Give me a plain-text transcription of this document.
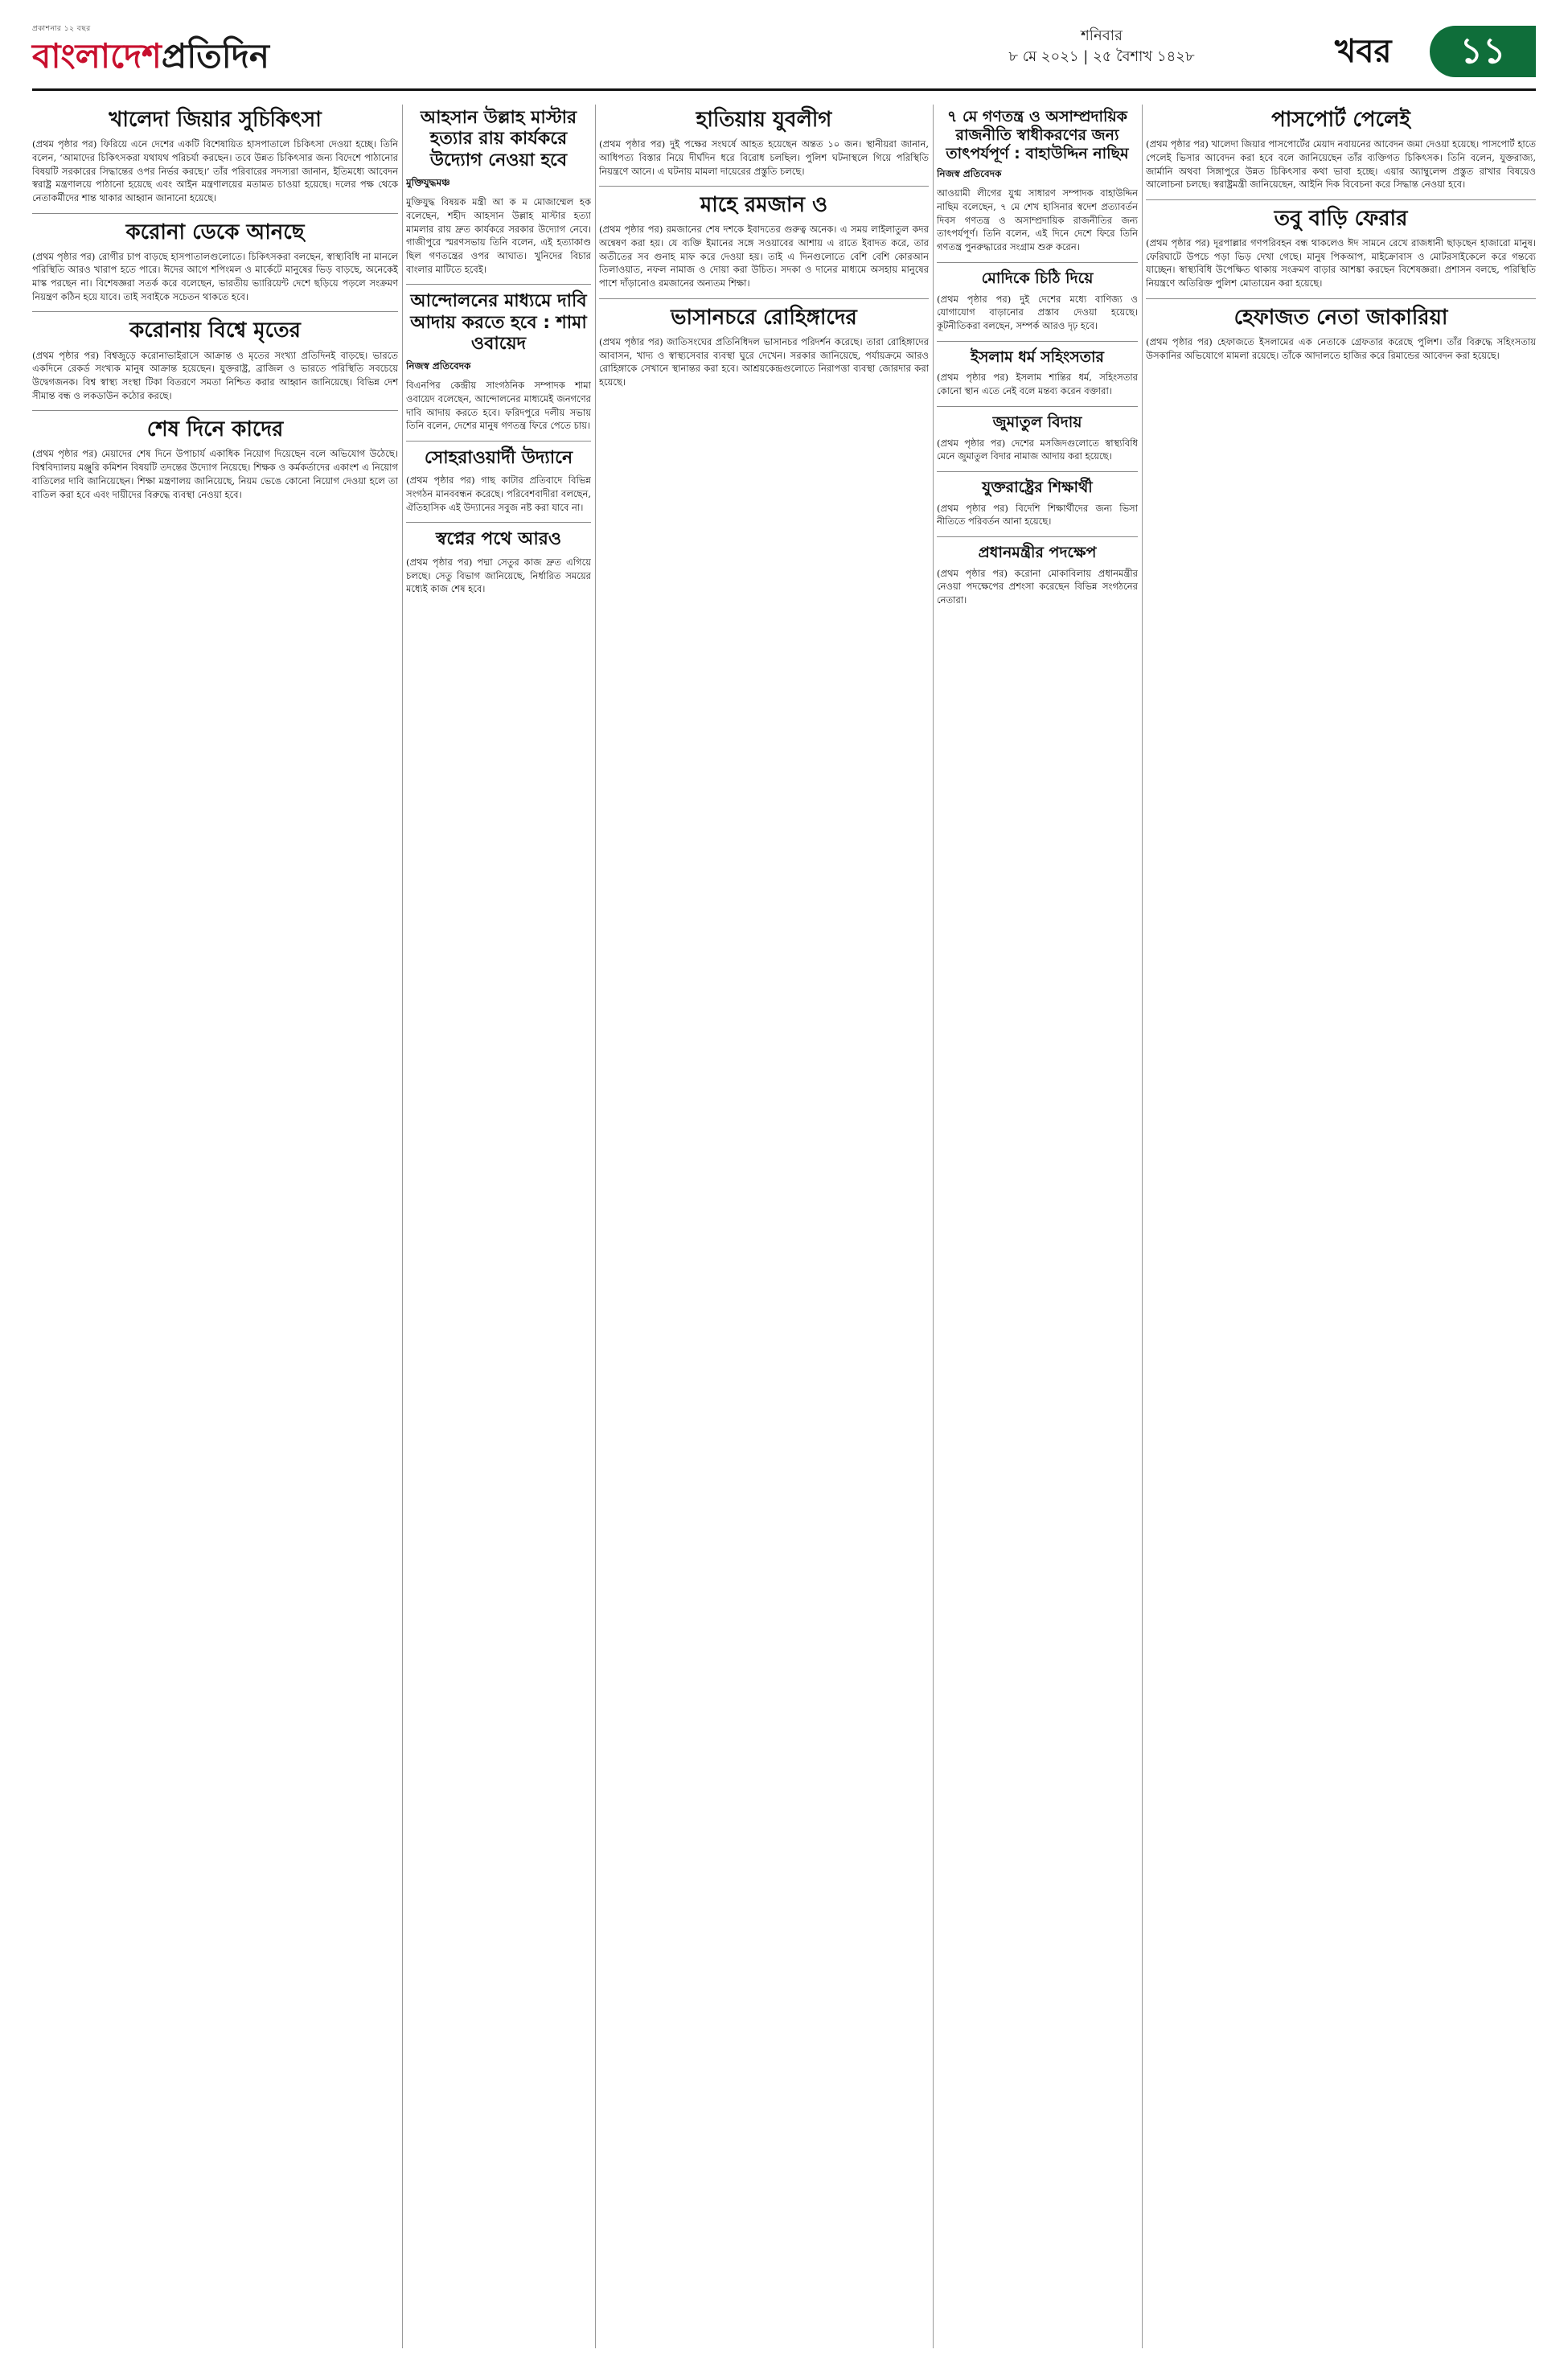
প্রকাশনার ১২ বছর
বাংলাদেশপ্রতিদিন
শনিবার
৮ মে ২০২১ | ২৫ বৈশাখ ১৪২৮	খবর	১১
খালেদা জিয়ার সুচিকিৎসা
(প্রথম পৃষ্ঠার পর) ফিরিয়ে এনে দেশের একটি বিশেষায়িত হাসপাতালে চিকিৎসা দেওয়া হচ্ছে। তিনি বলেন, ‘আমাদের চিকিৎসকরা যথাযথ পরিচর্যা করছেন। তবে উন্নত চিকিৎসার জন্য বিদেশে পাঠানোর বিষয়টি সরকারের সিদ্ধান্তের ওপর নির্ভর করছে।’ তাঁর পরিবারের সদস্যরা জানান, ইতিমধ্যে আবেদন স্বরাষ্ট্র মন্ত্রণালয়ে পাঠানো হয়েছে এবং আইন মন্ত্রণালয়ের মতামত চাওয়া হয়েছে। দলের পক্ষ থেকে নেতাকর্মীদের শান্ত থাকার আহ্বান জানানো হয়েছে।
করোনা ডেকে আনছে
(প্রথম পৃষ্ঠার পর) রোগীর চাপ বাড়ছে হাসপাতালগুলোতে। চিকিৎসকরা বলছেন, স্বাস্থ্যবিধি না মানলে পরিস্থিতি আরও খারাপ হতে পারে। ঈদের আগে শপিংমল ও মার্কেটে মানুষের ভিড় বাড়ছে, অনেকেই মাস্ক পরছেন না। বিশেষজ্ঞরা সতর্ক করে বলেছেন, ভারতীয় ভ্যারিয়েন্ট দেশে ছড়িয়ে পড়লে সংক্রমণ নিয়ন্ত্রণ কঠিন হয়ে যাবে। তাই সবাইকে সচেতন থাকতে হবে।
করোনায় বিশ্বে মৃতের
(প্রথম পৃষ্ঠার পর) বিশ্বজুড়ে করোনাভাইরাসে আক্রান্ত ও মৃতের সংখ্যা প্রতিদিনই বাড়ছে। ভারতে একদিনে রেকর্ড সংখ্যক মানুষ আক্রান্ত হয়েছেন। যুক্তরাষ্ট্র, ব্রাজিল ও ভারতে পরিস্থিতি সবচেয়ে উদ্বেগজনক। বিশ্ব স্বাস্থ্য সংস্থা টিকা বিতরণে সমতা নিশ্চিত করার আহ্বান জানিয়েছে। বিভিন্ন দেশ সীমান্ত বন্ধ ও লকডাউন কঠোর করছে।
শেষ দিনে কাদের
(প্রথম পৃষ্ঠার পর) মেয়াদের শেষ দিনে উপাচার্য একাধিক নিয়োগ দিয়েছেন বলে অভিযোগ উঠেছে। বিশ্ববিদ্যালয় মঞ্জুরি কমিশন বিষয়টি তদন্তের উদ্যোগ নিয়েছে। শিক্ষক ও কর্মকর্তাদের একাংশ এ নিয়োগ বাতিলের দাবি জানিয়েছেন। শিক্ষা মন্ত্রণালয় জানিয়েছে, নিয়ম ভেঙে কোনো নিয়োগ দেওয়া হলে তা বাতিল করা হবে এবং দায়ীদের বিরুদ্ধে ব্যবস্থা নেওয়া হবে।
আহসান উল্লাহ মাস্টার হত্যার রায় কার্যকরে উদ্যোগ নেওয়া হবে
মুক্তিযুদ্ধমঞ্চ
মুক্তিযুদ্ধ বিষয়ক মন্ত্রী আ ক ম মোজাম্মেল হক বলেছেন, শহীদ আহসান উল্লাহ মাস্টার হত্যা মামলার রায় দ্রুত কার্যকরে সরকার উদ্যোগ নেবে। গাজীপুরে স্মরণসভায় তিনি বলেন, এই হত্যাকাণ্ড ছিল গণতন্ত্রের ওপর আঘাত। খুনিদের বিচার বাংলার মাটিতে হবেই।
আন্দোলনের মাধ্যমে দাবি আদায় করতে হবে : শামা ওবায়েদ
নিজস্ব প্রতিবেদক
বিএনপির কেন্দ্রীয় সাংগঠনিক সম্পাদক শামা ওবায়েদ বলেছেন, আন্দোলনের মাধ্যমেই জনগণের দাবি আদায় করতে হবে। ফরিদপুরে দলীয় সভায় তিনি বলেন, দেশের মানুষ গণতন্ত্র ফিরে পেতে চায়।
সোহরাওয়ার্দী উদ্যানে
(প্রথম পৃষ্ঠার পর) গাছ কাটার প্রতিবাদে বিভিন্ন সংগঠন মানববন্ধন করেছে। পরিবেশবাদীরা বলছেন, ঐতিহাসিক এই উদ্যানের সবুজ নষ্ট করা যাবে না।
স্বপ্নের পথে আরও
(প্রথম পৃষ্ঠার পর) পদ্মা সেতুর কাজ দ্রুত এগিয়ে চলছে। সেতু বিভাগ জানিয়েছে, নির্ধারিত সময়ের মধ্যেই কাজ শেষ হবে।
হাতিয়ায় যুবলীগ
(প্রথম পৃষ্ঠার পর) দুই পক্ষের সংঘর্ষে আহত হয়েছেন অন্তত ১০ জন। স্থানীয়রা জানান, আধিপত্য বিস্তার নিয়ে দীর্ঘদিন ধরে বিরোধ চলছিল। পুলিশ ঘটনাস্থলে গিয়ে পরিস্থিতি নিয়ন্ত্রণে আনে। এ ঘটনায় মামলা দায়েরের প্রস্তুতি চলছে।
মাহে রমজান ও
(প্রথম পৃষ্ঠার পর) রমজানের শেষ দশকে ইবাদতের গুরুত্ব অনেক। এ সময় লাইলাতুল কদর অন্বেষণ করা হয়। যে ব্যক্তি ইমানের সঙ্গে সওয়াবের আশায় এ রাতে ইবাদত করে, তার অতীতের সব গুনাহ মাফ করে দেওয়া হয়। তাই এ দিনগুলোতে বেশি বেশি কোরআন তিলাওয়াত, নফল নামাজ ও দোয়া করা উচিত। সদকা ও দানের মাধ্যমে অসহায় মানুষের পাশে দাঁড়ানোও রমজানের অন্যতম শিক্ষা।
ভাসানচরে রোহিঙ্গাদের
(প্রথম পৃষ্ঠার পর) জাতিসংঘের প্রতিনিধিদল ভাসানচর পরিদর্শন করেছে। তারা রোহিঙ্গাদের আবাসন, খাদ্য ও স্বাস্থ্যসেবার ব্যবস্থা ঘুরে দেখেন। সরকার জানিয়েছে, পর্যায়ক্রমে আরও রোহিঙ্গাকে সেখানে স্থানান্তর করা হবে। আশ্রয়কেন্দ্রগুলোতে নিরাপত্তা ব্যবস্থা জোরদার করা হয়েছে।
৭ মে গণতন্ত্র ও অসাম্প্রদায়িক রাজনীতি স্বাধীকরণের জন্য তাৎপর্যপূর্ণ : বাহাউদ্দিন নাছিম
নিজস্ব প্রতিবেদক
আওয়ামী লীগের যুগ্ম সাধারণ সম্পাদক বাহাউদ্দিন নাছিম বলেছেন, ৭ মে শেখ হাসিনার স্বদেশ প্রত্যাবর্তন দিবস গণতন্ত্র ও অসাম্প্রদায়িক রাজনীতির জন্য তাৎপর্যপূর্ণ। তিনি বলেন, এই দিনে দেশে ফিরে তিনি গণতন্ত্র পুনরুদ্ধারের সংগ্রাম শুরু করেন।
মোদিকে চিঠি দিয়ে
(প্রথম পৃষ্ঠার পর) দুই দেশের মধ্যে বাণিজ্য ও যোগাযোগ বাড়ানোর প্রস্তাব দেওয়া হয়েছে। কূটনীতিকরা বলছেন, সম্পর্ক আরও দৃঢ় হবে।
ইসলাম ধর্ম সহিংসতার
(প্রথম পৃষ্ঠার পর) ইসলাম শান্তির ধর্ম, সহিংসতার কোনো স্থান এতে নেই বলে মন্তব্য করেন বক্তারা।
জুমাতুল বিদায়
(প্রথম পৃষ্ঠার পর) দেশের মসজিদগুলোতে স্বাস্থ্যবিধি মেনে জুমাতুল বিদার নামাজ আদায় করা হয়েছে।
যুক্তরাষ্ট্রের শিক্ষার্থী
(প্রথম পৃষ্ঠার পর) বিদেশি শিক্ষার্থীদের জন্য ভিসা নীতিতে পরিবর্তন আনা হয়েছে।
প্রধানমন্ত্রীর পদক্ষেপ
(প্রথম পৃষ্ঠার পর) করোনা মোকাবিলায় প্রধানমন্ত্রীর নেওয়া পদক্ষেপের প্রশংসা করেছেন বিভিন্ন সংগঠনের নেতারা।
পাসপোর্ট পেলেই
(প্রথম পৃষ্ঠার পর) খালেদা জিয়ার পাসপোর্টের মেয়াদ নবায়নের আবেদন জমা দেওয়া হয়েছে। পাসপোর্ট হাতে পেলেই ভিসার আবেদন করা হবে বলে জানিয়েছেন তাঁর ব্যক্তিগত চিকিৎসক। তিনি বলেন, যুক্তরাজ্য, জার্মানি অথবা সিঙ্গাপুরে উন্নত চিকিৎসার কথা ভাবা হচ্ছে। এয়ার অ্যাম্বুলেন্স প্রস্তুত রাখার বিষয়েও আলোচনা চলছে। স্বরাষ্ট্রমন্ত্রী জানিয়েছেন, আইনি দিক বিবেচনা করে সিদ্ধান্ত নেওয়া হবে।
তবু বাড়ি ফেরার
(প্রথম পৃষ্ঠার পর) দূরপাল্লার গণপরিবহন বন্ধ থাকলেও ঈদ সামনে রেখে রাজধানী ছাড়ছেন হাজারো মানুষ। ফেরিঘাটে উপচে পড়া ভিড় দেখা গেছে। মানুষ পিকআপ, মাইক্রোবাস ও মোটরসাইকেলে করে গন্তব্যে যাচ্ছেন। স্বাস্থ্যবিধি উপেক্ষিত থাকায় সংক্রমণ বাড়ার আশঙ্কা করছেন বিশেষজ্ঞরা। প্রশাসন বলছে, পরিস্থিতি নিয়ন্ত্রণে অতিরিক্ত পুলিশ মোতায়েন করা হয়েছে।
হেফাজত নেতা জাকারিয়া
(প্রথম পৃষ্ঠার পর) হেফাজতে ইসলামের এক নেতাকে গ্রেফতার করেছে পুলিশ। তাঁর বিরুদ্ধে সহিংসতায় উসকানির অভিযোগে মামলা রয়েছে। তাঁকে আদালতে হাজির করে রিমান্ডের আবেদন করা হয়েছে।
